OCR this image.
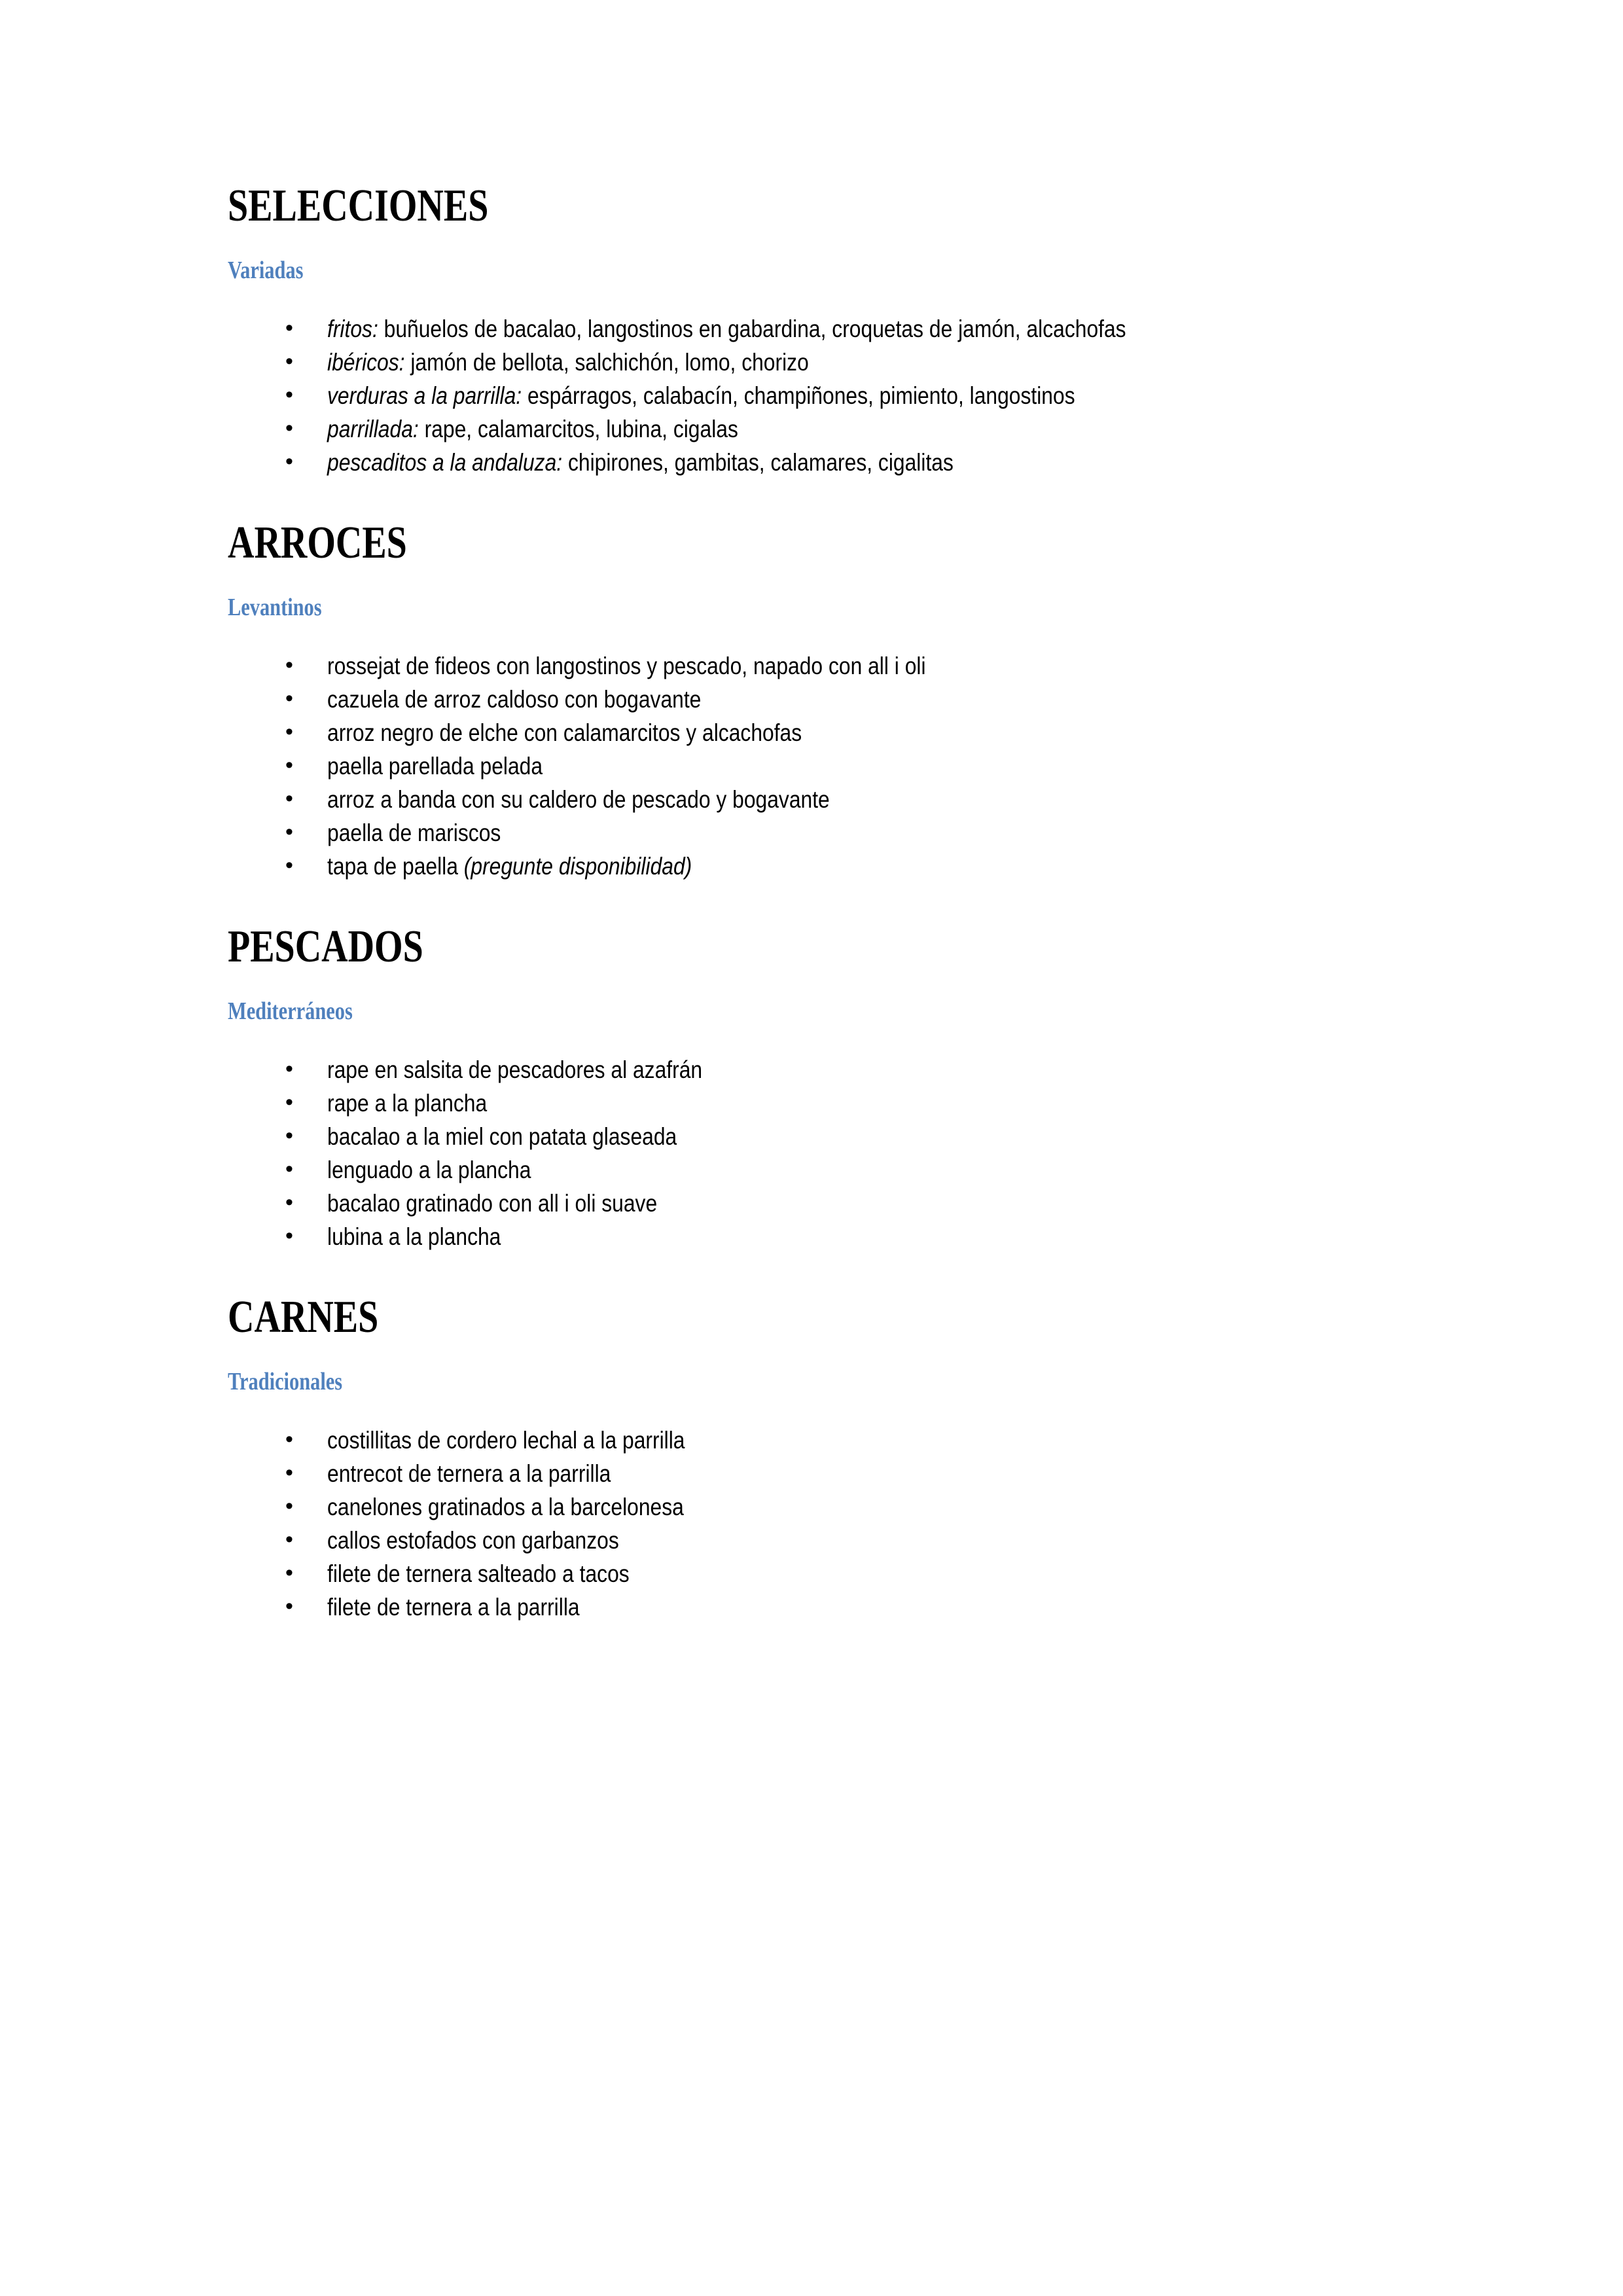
SELECCIONES
Variadas
• fritos: buñuelos de bacalao, langostinos en gabardina, croquetas de jamón, alcachofas
• ibéricos: jamón de bellota, salchichón, lomo, chorizo
• verduras a la parrilla: espárragos, calabacín, champiñones, pimiento, langostinos
• parrillada: rape, calamarcitos, lubina, cigalas
• pescaditos a la andaluza: chipirones, gambitas, calamares, cigalitas
ARROCES
Levantinos
• rossejat de fideos con langostinos y pescado, napado con all i oli
• cazuela de arroz caldoso con bogavante
• arroz negro de elche con calamarcitos y alcachofas
• paella parellada pelada
• arroz a banda con su caldero de pescado y bogavante
• paella de mariscos
• tapa de paella (pregunte disponibilidad)
PESCADOS
Mediterráneos
• rape en salsita de pescadores al azafrán
• rape a la plancha
• bacalao a la miel con patata glaseada
• lenguado a la plancha
• bacalao gratinado con all i oli suave
• lubina a la plancha
CARNES
Tradicionales
• costillitas de cordero lechal a la parrilla
• entrecot de ternera a la parrilla
• canelones gratinados a la barcelonesa
• callos estofados con garbanzos
• filete de ternera salteado a tacos
• filete de ternera a la parrilla
